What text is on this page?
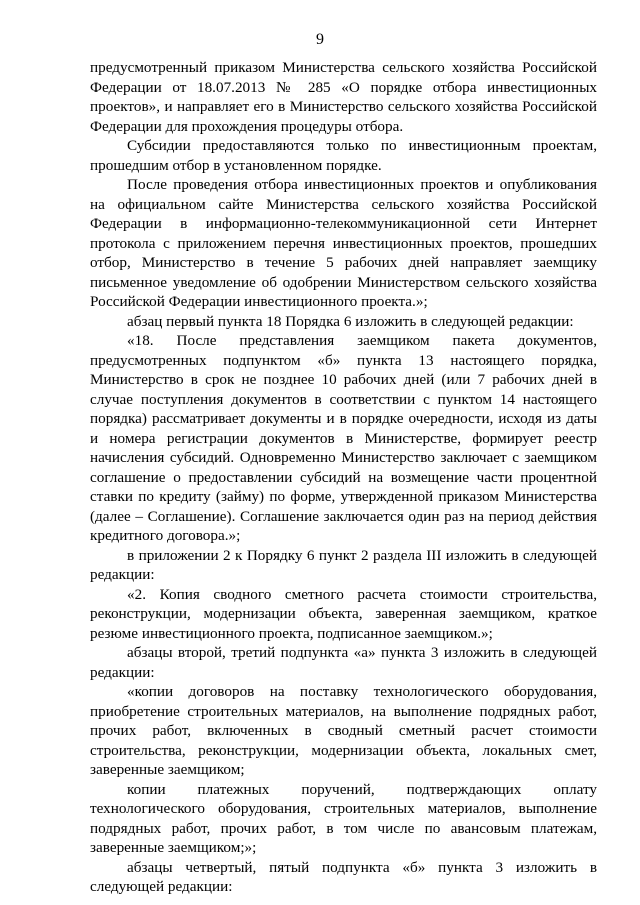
9

предусмотренный приказом Министерства сельского хозяйства Российской Федерации от 18.07.2013 № 285 «О порядке отбора инвестиционных проектов», и направляет его в Министерство сельского хозяйства Российской Федерации для прохождения процедуры отбора.

Субсидии предоставляются только по инвестиционным проектам, прошедшим отбор в установленном порядке.

После проведения отбора инвестиционных проектов и опубликования на официальном сайте Министерства сельского хозяйства Российской Федерации в информационно-телекоммуникационной сети Интернет протокола с приложением перечня инвестиционных проектов, прошедших отбор, Министерство в течение 5 рабочих дней направляет заемщику письменное уведомление об одобрении Министерством сельского хозяйства Российской Федерации инвестиционного проекта.»;

абзац первый пункта 18 Порядка 6 изложить в следующей редакции:

«18. После представления заемщиком пакета документов, предусмотренных подпунктом «б» пункта 13 настоящего порядка, Министерство в срок не позднее 10 рабочих дней (или 7 рабочих дней в случае поступления документов в соответствии с пунктом 14 настоящего порядка) рассматривает документы и в порядке очередности, исходя из даты и номера регистрации документов в Министерстве, формирует реестр начисления субсидий. Одновременно Министерство заключает с заемщиком соглашение о предоставлении субсидий на возмещение части процентной ставки по кредиту (займу) по форме, утвержденной приказом Министерства (далее – Соглашение). Соглашение заключается один раз на период действия кредитного договора.»;

в приложении 2 к Порядку 6 пункт 2 раздела III изложить в следующей редакции:

«2. Копия сводного сметного расчета стоимости строительства, реконструкции, модернизации объекта, заверенная заемщиком, краткое резюме инвестиционного проекта, подписанное заемщиком.»;

абзацы второй, третий подпункта «а» пункта 3 изложить в следующей редакции:

«копии договоров на поставку технологического оборудования, приобретение строительных материалов, на выполнение подрядных работ, прочих работ, включенных в сводный сметный расчет стоимости строительства, реконструкции, модернизации объекта, локальных смет, заверенные заемщиком;

копии платежных поручений, подтверждающих оплату технологического оборудования, строительных материалов, выполнение подрядных работ, прочих работ, в том числе по авансовым платежам, заверенные заемщиком;»;

абзацы четвертый, пятый подпункта «б» пункта 3 изложить в следующей редакции:
